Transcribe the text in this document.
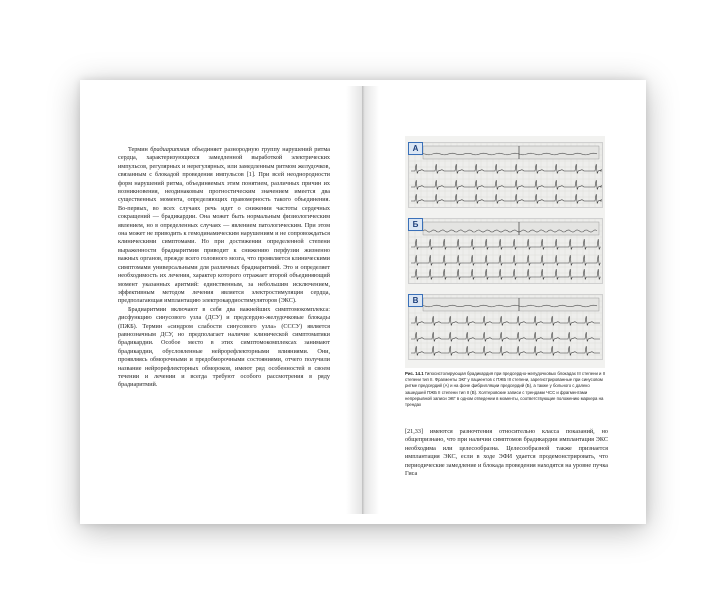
Термин брадиаритмия объединяет разнородную группу нарушений ритма сердца, характеризующихся замедленной выработкой электрических импульсов, регулярных и нерегулярных, или замедленным ритмом желудочков, связанным с блокадой проведения импульсов [1]. При всей неоднородности форм нарушений ритма, объединяемых этим понятием, различных причин их возникновения, неодинаковым прогностическим значением имеется два существенных момента, определяющих правомерность такого объединения. Во-первых, во всех случаях речь идет о снижении частоты сердечных сокращений — брадикардии. Она может быть нормальным физиологическим явлением, но в определенных случаях — явлением патологическим. При этом она может не приводить к гемодинамическим нарушениям и не сопровождаться клиническими симптомами. Но при достижении определенной степени выраженности брадиаритмия приводит к снижению перфузии жизненно важных органов, прежде всего головного мозга, что проявляется клиническими симптомами универсальными для различных брадиаритмий. Это и определяет необходимость их лечения, характер которого отражает второй объединяющий момент указанных аритмий: единственным, за небольшим исключением, эффективным методом лечения является электростимуляция сердца, предполагающая имплантацию электрокардиостимуляторов (ЭКС).

Брадиаритмии включают в себя два важнейших симптомокомплекса: дисфункцию синусового узла (ДСУ) и предсердно-желудочковые блокады (ПЖБ). Термин «синдром слабости синусового узла» (СССУ) является равнозначным ДСУ, но предполагает наличие клинической симптоматики брадикардии. Особое место в этих симптомокомплексах занимают брадикардии, обусловленные нейрорефлекторными влияниями. Они, проявляясь обморочными и предобморочными состояниями, отчего получили название нейрорефлекторных обмороков, имеют ряд особенностей в своем течении и лечении и всегда требуют особого рассмотрения в ряду брадиаритмий.

А
Б
В
Рис. 14.1 Гипосистолирующая брадикардия при предсердно-желудочковых блокадах III степени и II степени тип II. Фрагменты ЭКГ у пациентов с ПЖБ III степени, зарегистрированные при синусовом ритме предсердий (А) и на фоне фибрилляции предсердий (Б), а также у больного с далеко зашедшей ПЖБ II степени тип II (В). Холтеровские записи с трендами ЧСС и фрагментами непрерывной записи ЭКГ в одном отведении в моменты, соответствующие положению маркера на трендах

[21,33] имеются разночтения относительно класса показаний, но общепризнано, что при наличии симптомов брадикардии имплантация ЭКС необходима или целесообразна. Целесообразной также признается имплантация ЭКС, если в ходе ЭФИ удается продемонстрировать, что периодические замедление и блокада проведения находятся на уровне пучка Гиса
